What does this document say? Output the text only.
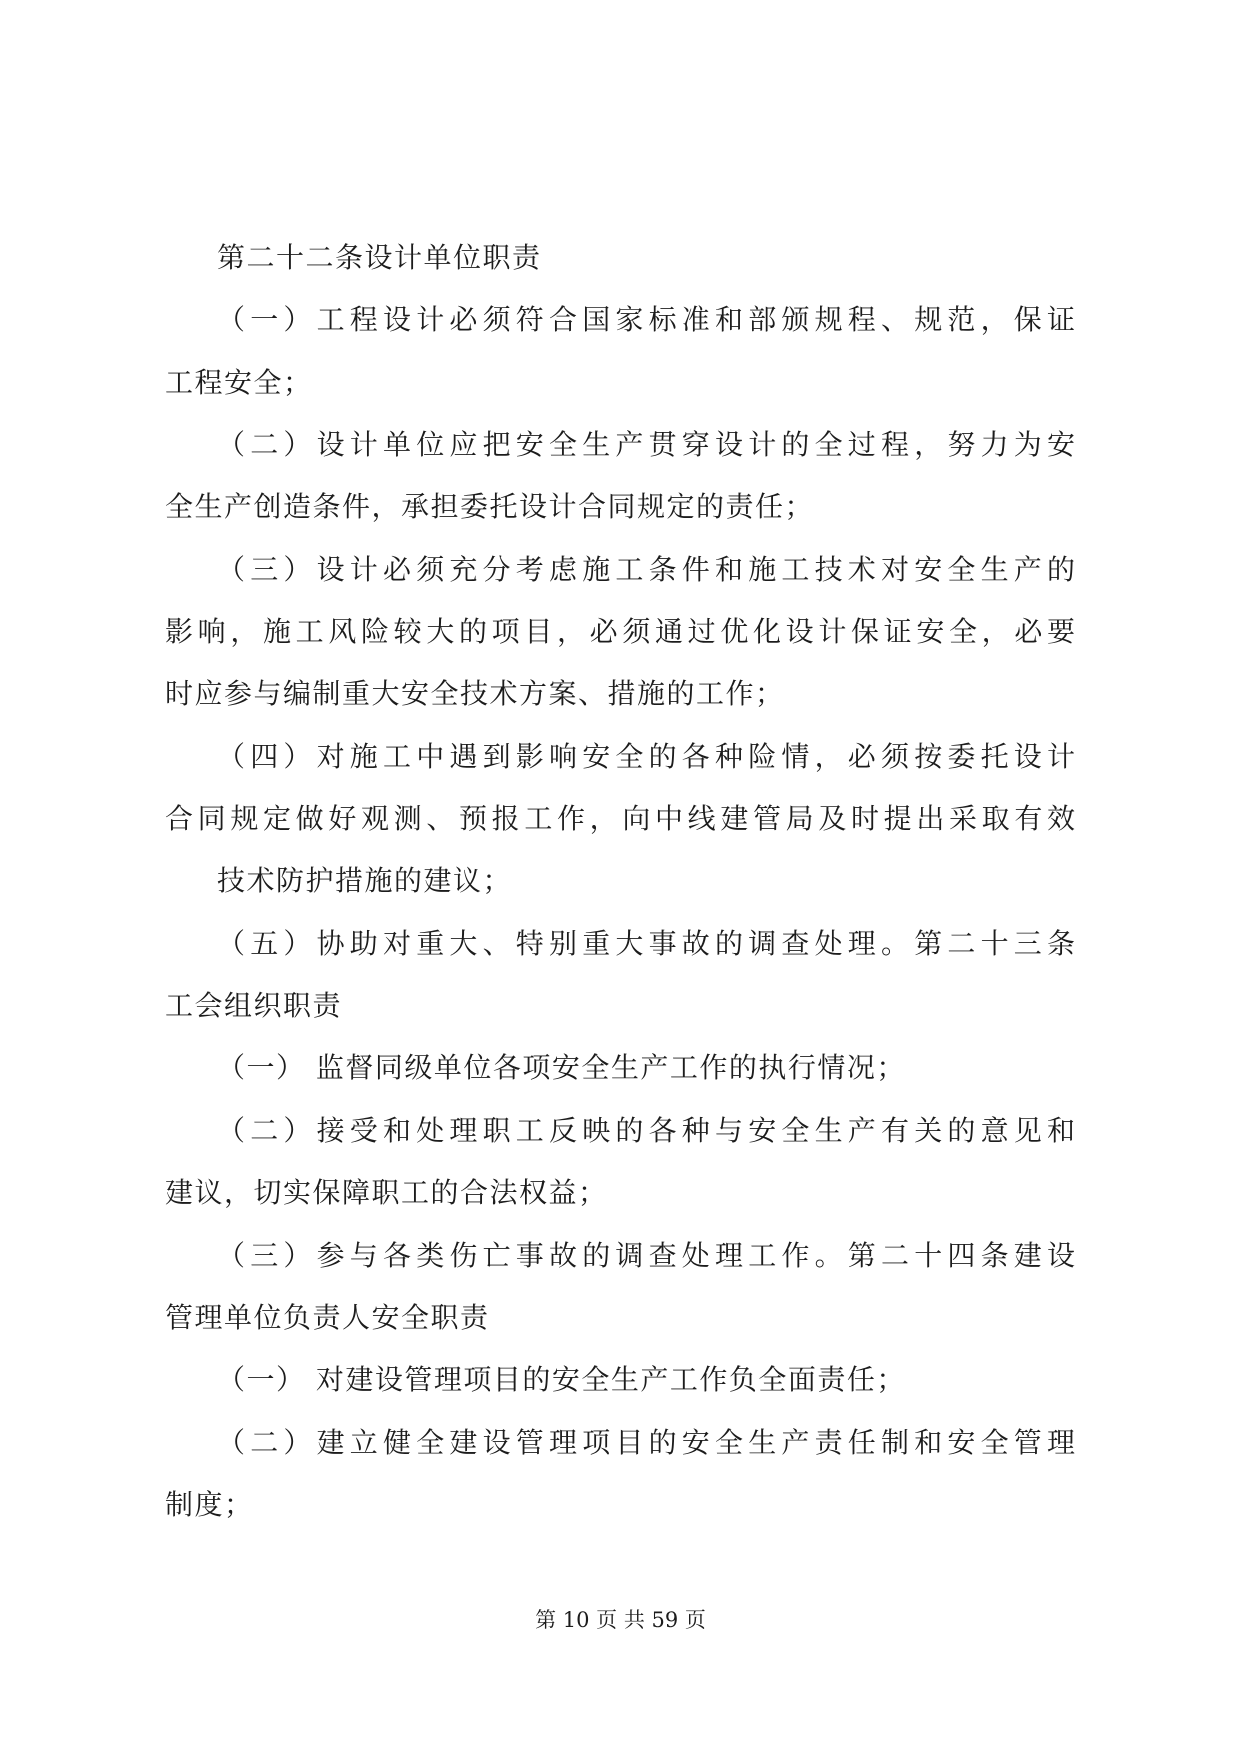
第二十二条设计单位职责
（一）工程设计必须符合国家标准和部颁规程、规范，保证
工程安全；
（二）设计单位应把安全生产贯穿设计的全过程，努力为安
全生产创造条件，承担委托设计合同规定的责任；
（三）设计必须充分考虑施工条件和施工技术对安全生产的
影响，施工风险较大的项目，必须通过优化设计保证安全，必要
时应参与编制重大安全技术方案、措施的工作；
（四）对施工中遇到影响安全的各种险情，必须按委托设计
合同规定做好观测、预报工作，向中线建管局及时提出采取有效
技术防护措施的建议；
（五）协助对重大、特别重大事故的调查处理。第二十三条
工会组织职责
（一） 监督同级单位各项安全生产工作的执行情况；
（二）接受和处理职工反映的各种与安全生产有关的意见和
建议，切实保障职工的合法权益；
（三）参与各类伤亡事故的调查处理工作。第二十四条建设
管理单位负责人安全职责
（一） 对建设管理项目的安全生产工作负全面责任；
（二）建立健全建设管理项目的安全生产责任制和安全管理
制度；
第 10 页 共 59 页
